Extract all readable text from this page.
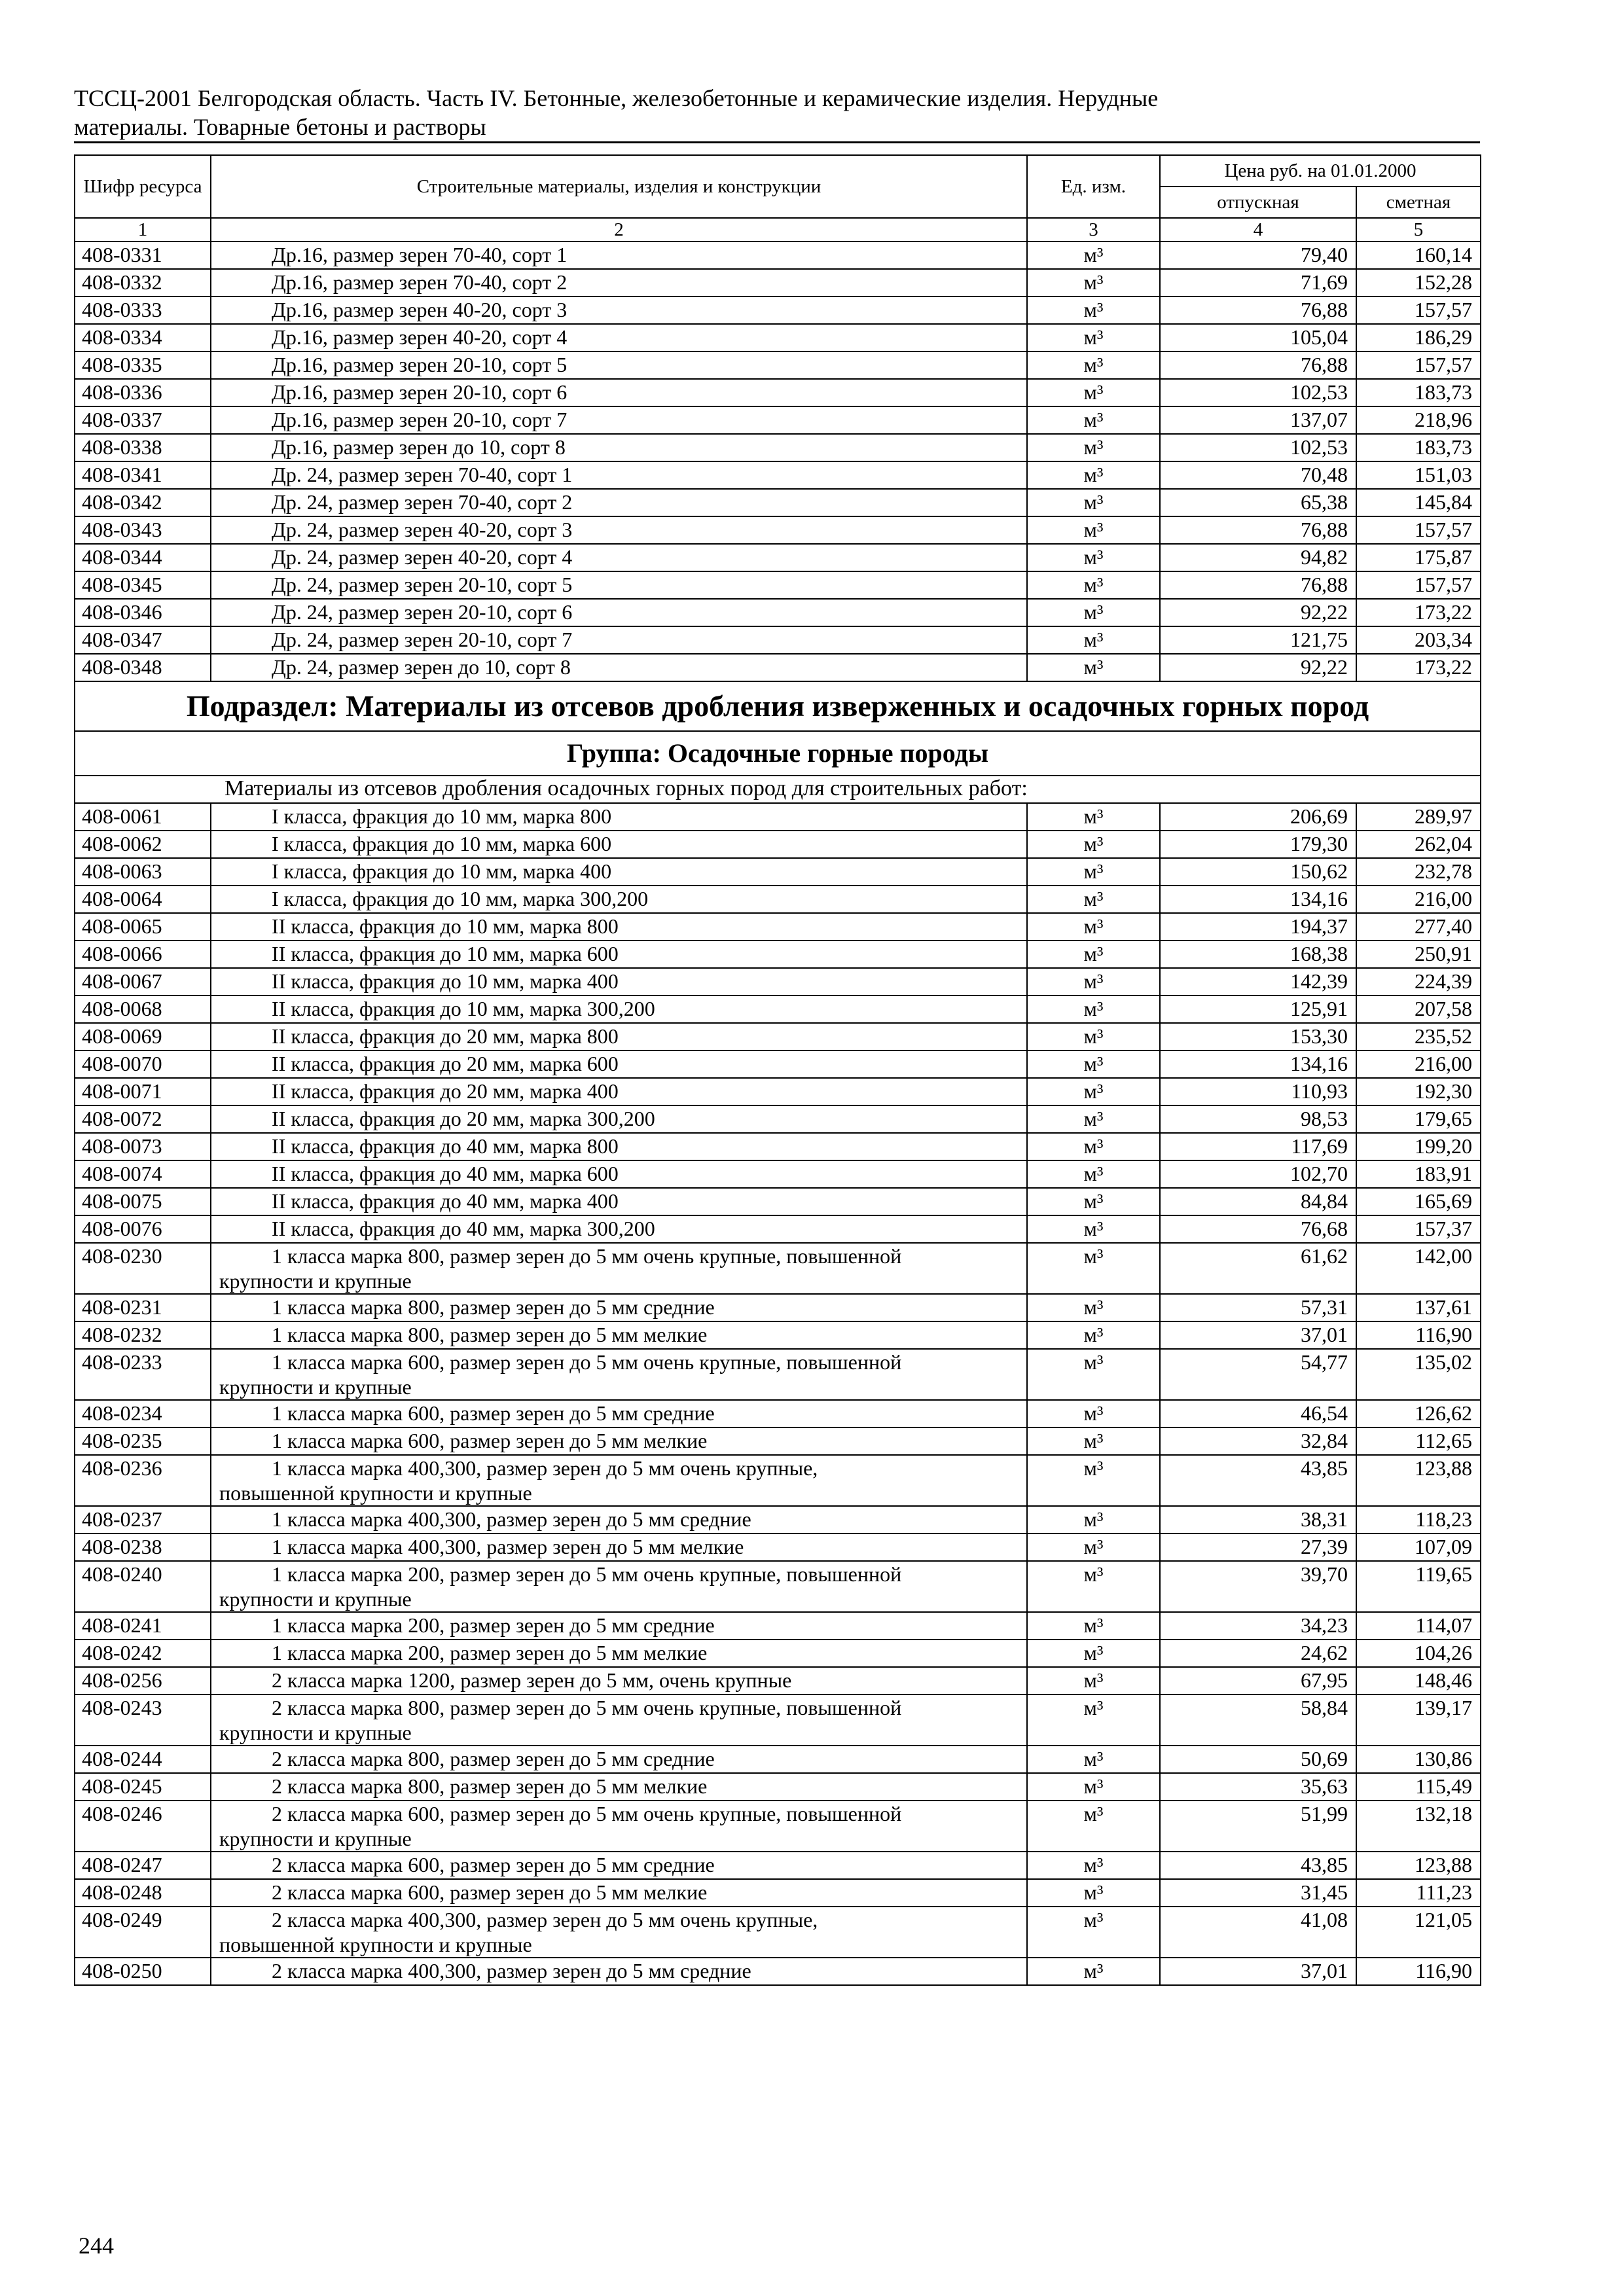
ТССЦ-2001 Белгородская область. Часть IV. Бетонные, железобетонные и керамические изделия. Нерудные
материалы. Товарные бетоны и растворы
Шифр ресурса	Строительные материалы, изделия и конструкции	Ед. изм.	Цена руб. на 01.01.2000	
			отпускная	сметная
1	2	3	4	5
408-0331	Др.16, размер зерен 70-40, сорт 1	м³	79,40	160,14
408-0332	Др.16, размер зерен 70-40, сорт 2	м³	71,69	152,28
408-0333	Др.16, размер зерен 40-20, сорт 3	м³	76,88	157,57
408-0334	Др.16, размер зерен 40-20, сорт 4	м³	105,04	186,29
408-0335	Др.16, размер зерен 20-10, сорт 5	м³	76,88	157,57
408-0336	Др.16, размер зерен 20-10, сорт 6	м³	102,53	183,73
408-0337	Др.16, размер зерен 20-10, сорт 7	м³	137,07	218,96
408-0338	Др.16, размер зерен до 10, сорт 8	м³	102,53	183,73
408-0341	Др. 24, размер зерен 70-40, сорт 1	м³	70,48	151,03
408-0342	Др. 24, размер зерен 70-40, сорт 2	м³	65,38	145,84
408-0343	Др. 24, размер зерен 40-20, сорт 3	м³	76,88	157,57
408-0344	Др. 24, размер зерен 40-20, сорт 4	м³	94,82	175,87
408-0345	Др. 24, размер зерен 20-10, сорт 5	м³	76,88	157,57
408-0346	Др. 24, размер зерен 20-10, сорт 6	м³	92,22	173,22
408-0347	Др. 24, размер зерен 20-10, сорт 7	м³	121,75	203,34
408-0348	Др. 24, размер зерен до 10, сорт 8	м³	92,22	173,22
Подраздел: Материалы из отсевов дробления изверженных и осадочных горных пород				
Группа: Осадочные горные породы				
Материалы из отсевов дробления осадочных горных пород для строительных работ:				
408-0061	I класса, фракция до 10 мм, марка 800	м³	206,69	289,97
408-0062	I класса, фракция до 10 мм, марка 600	м³	179,30	262,04
408-0063	I класса, фракция до 10 мм, марка 400	м³	150,62	232,78
408-0064	I класса, фракция до 10 мм, марка 300,200	м³	134,16	216,00
408-0065	II класса, фракция до 10 мм, марка 800	м³	194,37	277,40
408-0066	II класса, фракция до 10 мм, марка 600	м³	168,38	250,91
408-0067	II класса, фракция до 10 мм, марка 400	м³	142,39	224,39
408-0068	II класса, фракция до 10 мм, марка 300,200	м³	125,91	207,58
408-0069	II класса, фракция до 20 мм, марка 800	м³	153,30	235,52
408-0070	II класса, фракция до 20 мм, марка 600	м³	134,16	216,00
408-0071	II класса, фракция до 20 мм, марка 400	м³	110,93	192,30
408-0072	II класса, фракция до 20 мм, марка 300,200	м³	98,53	179,65
408-0073	II класса, фракция до 40 мм, марка 800	м³	117,69	199,20
408-0074	II класса, фракция до 40 мм, марка 600	м³	102,70	183,91
408-0075	II класса, фракция до 40 мм, марка 400	м³	84,84	165,69
408-0076	II класса, фракция до 40 мм, марка 300,200	м³	76,68	157,37
408-0230	1 класса марка 800, размер зерен до 5 мм очень крупные, повышенной
крупности и крупные	м³	61,62	142,00
408-0231	1 класса марка 800, размер зерен до 5 мм средние	м³	57,31	137,61
408-0232	1 класса марка 800, размер зерен до 5 мм мелкие	м³	37,01	116,90
408-0233	1 класса марка 600, размер зерен до 5 мм очень крупные, повышенной
крупности и крупные	м³	54,77	135,02
408-0234	1 класса марка 600, размер зерен до 5 мм средние	м³	46,54	126,62
408-0235	1 класса марка 600, размер зерен до 5 мм мелкие	м³	32,84	112,65
408-0236	1 класса марка 400,300, размер зерен до 5 мм очень крупные,
повышенной крупности и крупные	м³	43,85	123,88
408-0237	1 класса марка 400,300, размер зерен до 5 мм средние	м³	38,31	118,23
408-0238	1 класса марка 400,300, размер зерен до 5 мм мелкие	м³	27,39	107,09
408-0240	1 класса марка 200, размер зерен до 5 мм очень крупные, повышенной
крупности и крупные	м³	39,70	119,65
408-0241	1 класса марка 200, размер зерен до 5 мм средние	м³	34,23	114,07
408-0242	1 класса марка 200, размер зерен до 5 мм мелкие	м³	24,62	104,26
408-0256	2 класса марка 1200, размер зерен до 5 мм, очень крупные	м³	67,95	148,46
408-0243	2 класса марка 800, размер зерен до 5 мм очень крупные, повышенной
крупности и крупные	м³	58,84	139,17
408-0244	2 класса марка 800, размер зерен до 5 мм средние	м³	50,69	130,86
408-0245	2 класса марка 800, размер зерен до 5 мм мелкие	м³	35,63	115,49
408-0246	2 класса марка 600, размер зерен до 5 мм очень крупные, повышенной
крупности и крупные	м³	51,99	132,18
408-0247	2 класса марка 600, размер зерен до 5 мм средние	м³	43,85	123,88
408-0248	2 класса марка 600, размер зерен до 5 мм мелкие	м³	31,45	111,23
408-0249	2 класса марка 400,300, размер зерен до 5 мм очень крупные,
повышенной крупности и крупные	м³	41,08	121,05
408-0250	2 класса марка 400,300, размер зерен до 5 мм средние	м³	37,01	116,90
244
